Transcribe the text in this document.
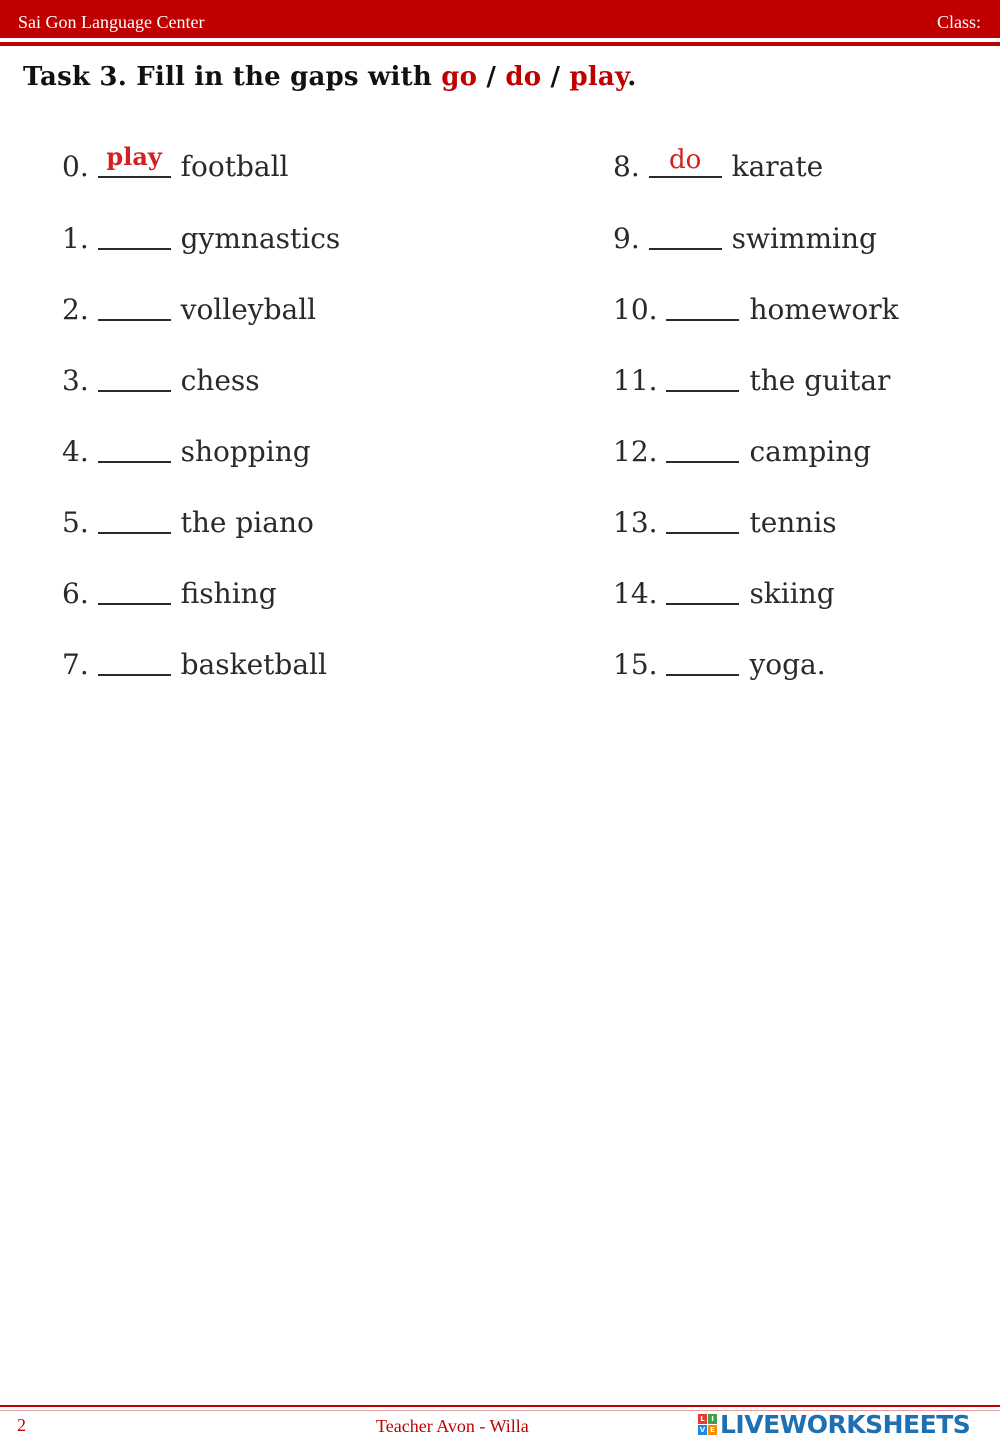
Sai Gon Language Center	Class:
Task 3. Fill in the gaps with go / do / play.
0. play football
1.	gymnastics
2.	volleyball
3.	chess
4.	shopping
5.	the piano
6.	fishing
7.	basketball
8.	do	karate
9.	swimming
10.	homework
11.	the guitar
12.	camping
13.	tennis
14.	skiing
15.	yoga.
2	Teacher Avon - Willa	L I
V E LIVEWORKSHEETS
